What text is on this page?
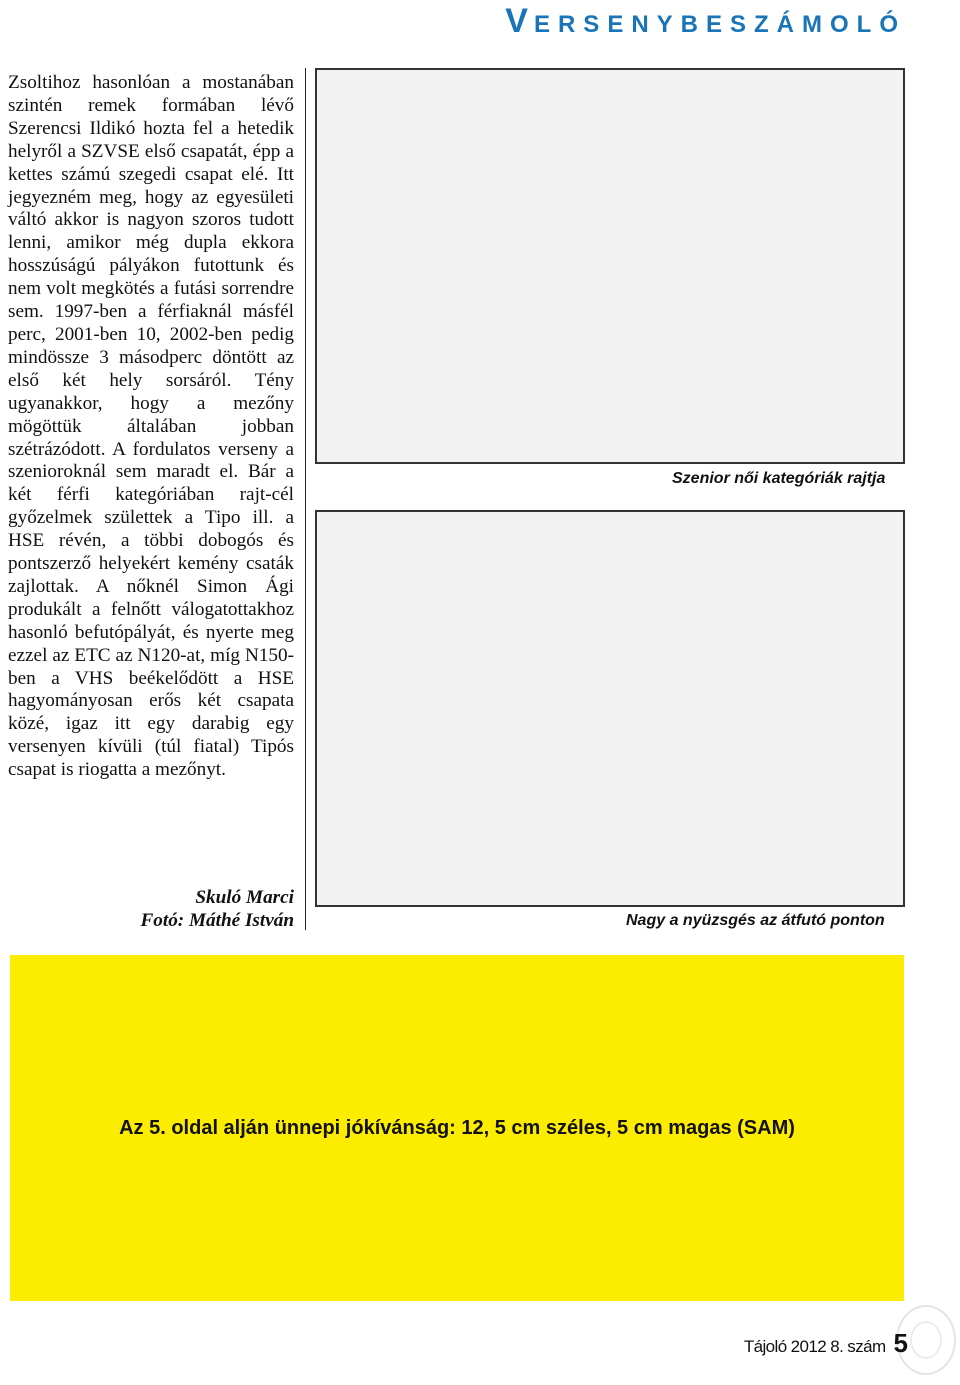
VERSENYBESZÁMOLÓ

Zsoltihoz hasonlóan a mostanában szintén remek formában lévő Szerencsi Ildikó hozta fel a hetedik helyről a SZVSE első csapatát, épp a kettes számú szegedi csapat elé. Itt jegyezném meg, hogy az egyesületi váltó akkor is nagyon szoros tudott lenni, amikor még dupla ekkora hosszúságú pályákon futottunk és nem volt megkötés a futási sorrendre sem. 1997-ben a férfiaknál másfél perc, 2001-ben 10, 2002-ben pedig mindössze 3 másodperc döntött az első két hely sorsáról. Tény ugyanakkor, hogy a mezőny mögöttük általában jobban szétrázódott. A fordulatos verseny a szenioroknál sem maradt el. Bár a két férfi kategóriában rajt-cél győzelmek születtek a Tipo ill. a HSE révén, a többi dobogós és pontszerző helyekért kemény csaták zajlottak. A nőknél Simon Ági produkált a felnőtt válogatottakhoz hasonló befutópályát, és nyerte meg ezzel az ETC az N120-at, míg N150-ben a VHS beékelődött a HSE hagyományosan erős két csapata közé, igaz itt egy darabig egy versenyen kívüli (túl fiatal) Tipós csapat is riogatta a mezőnyt.

Skuló Marci
Fotó: Máthé István
Szenior női kategóriák rajtja
Nagy a nyüzsgés az átfutó ponton
Az 5. oldal alján ünnepi jókívánság: 12, 5 cm széles, 5 cm magas (SAM)
Tájoló 2012 8. szám 5
